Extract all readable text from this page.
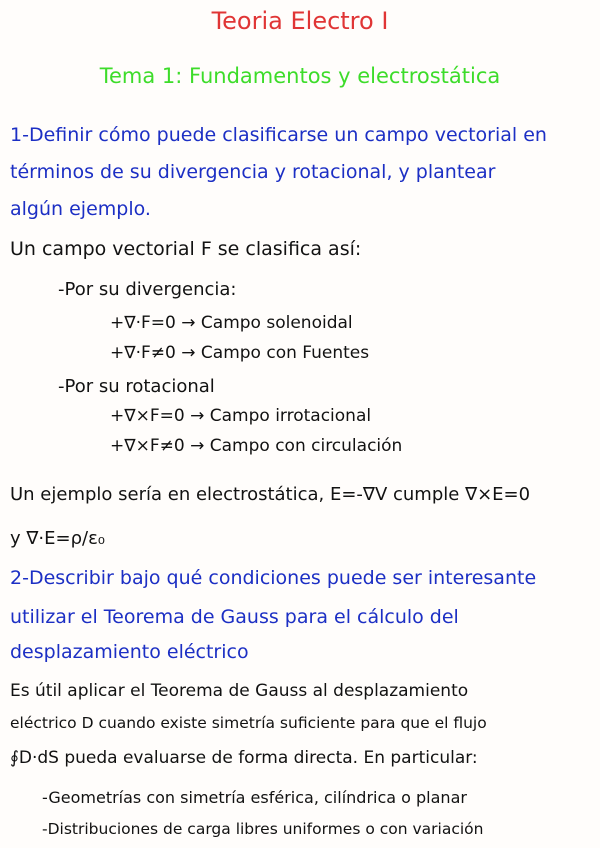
Teoria Electro I
Tema 1: Fundamentos y electrostática
1-Definir cómo puede clasificarse un campo vectorial en
términos de su divergencia y rotacional, y plantear
algún ejemplo.
Un campo vectorial F se clasifica así:
-Por su divergencia:
+∇·F=0 → Campo solenoidal
+∇·F≠0 → Campo con Fuentes
-Por su rotacional
+∇×F=0 → Campo irrotacional
+∇×F≠0 → Campo con circulación
Un ejemplo sería en electrostática, E=-∇V cumple ∇×E=0
y ∇·E=ρ/ε₀
2-Describir bajo qué condiciones puede ser interesante
utilizar el Teorema de Gauss para el cálculo del
desplazamiento eléctrico
Es útil aplicar el Teorema de Gauss al desplazamiento
eléctrico D cuando existe simetría suficiente para que el flujo
∮D·dS pueda evaluarse de forma directa. En particular:
-Geometrías con simetría esférica, cilíndrica o planar
-Distribuciones de carga libres uniformes o con variación
